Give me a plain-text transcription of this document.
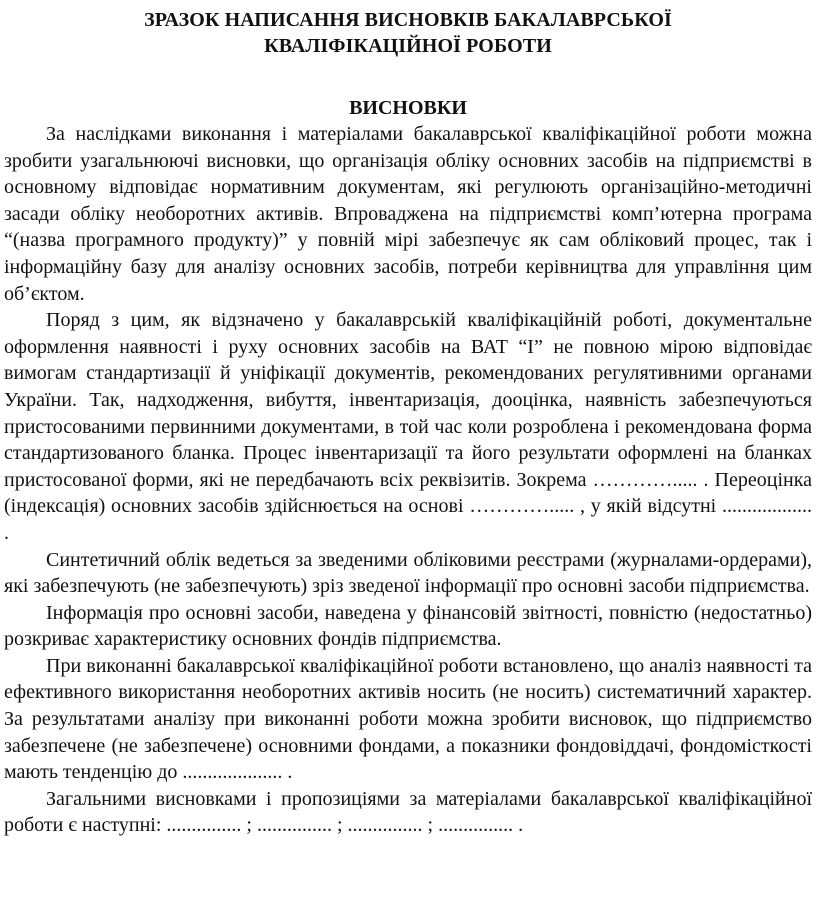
ЗРАЗОК НАПИСАННЯ ВИСНОВКІВ БАКАЛАВРСЬКОЇ
КВАЛІФІКАЦІЙНОЇ РОБОТИ
ВИСНОВКИ

За наслідками виконання і матеріалами бакалаврської кваліфікаційної роботи можна зробити узагальнюючі висновки, що організація обліку основних засобів на підприємстві в основному відповідає нормативним документам, які регулюють організаційно-методичні засади обліку необоротних активів. Впроваджена на підприємстві комп’ютерна програма “(назва програмного продукту)” у повній мірі забезпечує як сам обліковий процес, так і інформаційну базу для аналізу основних засобів, потреби керівництва для управління цим об’єктом.

Поряд з цим, як відзначено у бакалаврській кваліфікаційній роботі, документальне оформлення наявності і руху основних засобів на ВАТ “І” не повною мірою відповідає вимогам стандартизації й уніфікації документів, рекомендованих регулятивними органами України. Так, надходження, вибуття, інвентаризація, дооцінка, наявність забезпечуються пристосованими первинними документами, в той час коли розроблена і рекомендована форма стандартизованого бланка. Процес інвентаризації та його результати оформлені на бланках пристосованої форми, які не передбачають всіх реквізитів. Зокрема …………..... . Переоцінка (індексація) основних засобів здійснюється на основі …………..... , у якій відсутні .................. .

Синтетичний облік ведеться за зведеними обліковими реєстрами (журналами-ордерами), які забезпечують (не забезпечують) зріз зведеної інформації про основні засоби підприємства.

Інформація про основні засоби, наведена у фінансовій звітності, повністю (недостатньо) розкриває характеристику основних фондів підприємства.

При виконанні бакалаврської кваліфікаційної роботи встановлено, що аналіз наявності та ефективного використання необоротних активів носить (не носить) систематичний характер. За результатами аналізу при виконанні роботи можна зробити висновок, що підприємство забезпечене (не забезпечене) основними фондами, а показники фондовіддачі, фондомісткості мають тенденцію до .................... .

Загальними висновками і пропозиціями за матеріалами бакалаврської кваліфікаційної роботи є наступні: ............... ; ............... ; ............... ; ............... .
